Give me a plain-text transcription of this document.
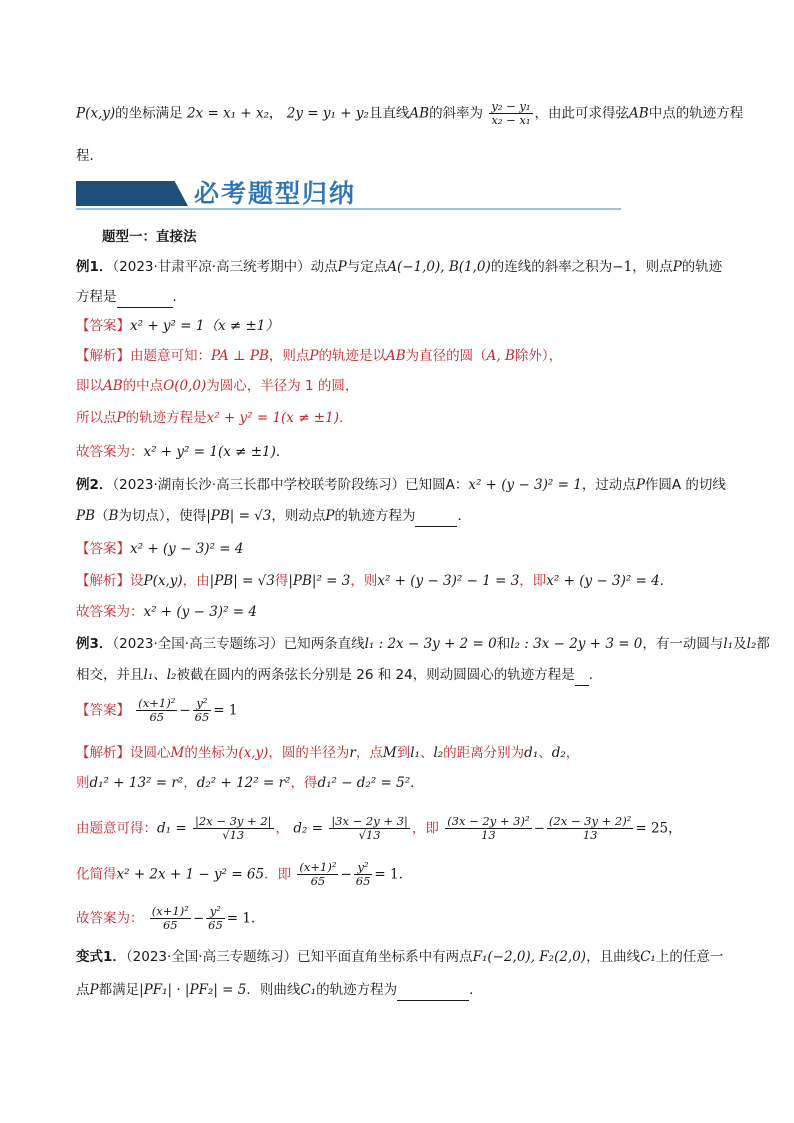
P(x,y)的坐标满足 2x = x₁ + x₂， 2y = y₁ + y₂且直线AB的斜率为 $\frac{\text{y₂ − y₁}}{\text{x₂ − x₁}}$ ，由此可求得弦AB中点的轨迹方程
程．
必考题型归纳
题型一：直接法
例1．（2023·甘肃平凉·高三统考期中）动点P与定点A(−1,0), B(1,0)的连线的斜率之积为−1，则点P的轨迹
方程是	．
【答案】x² + y² = 1（x ≠ ±1）
【解析】由题意可知：PA ⊥ PB，则点P的轨迹是以AB为直径的圆（A, B除外），
即以AB的中点O(0,0)为圆心，半径为 1 的圆，
所以点P的轨迹方程是x² + y² = 1(x ≠ ±1)．
故答案为：x² + y² = 1(x ≠ ±1)．
例2．（2023·湖南长沙·高三长郡中学校联考阶段练习）已知圆A：x² + (y − 3)² = 1，过动点P作圆A 的切线
PB（B为切点），使得|PB| = √3，则动点P的轨迹方程为	．
【答案】x² + (y − 3)² = 4
【解析】设P(x,y)，由|PB| = √3得|PB|² = 3，则x² + (y − 3)² − 1 = 3，即x² + (y − 3)² = 4．
故答案为：x² + (y − 3)² = 4
例3．（2023·全国·高三专题练习）已知两条直线l₁ : 2x − 3y + 2 = 0和l₂ : 3x − 2y + 3 = 0，有一动圆与l₁及l₂都
相交，并且l₁、l₂被截在圆内的两条弦长分别是 26 和 24，则动圆圆心的轨迹方程是 ．
【答案】 $\frac{\text{(x+1)²}}{65} - \frac{\text{y²}}{65} = 1$
【解析】设圆心M的坐标为(x,y)，圆的半径为r，点M到l₁、l₂的距离分别为d₁、d₂，
则d₁² + 13² = r²，d₂² + 12² = r²，得d₁² − d₂² = 5²．
由题意可得：$d_1 = \frac{|2x - 3y + 2|}{√13}$ ， $d_2 = \frac{|3x - 2y + 3|}{√13}$ ，即 $\frac{\text{(3x − 2y + 3)²}}{13} - \frac{\text{(2x − 3y + 2)²}}{13} = 25$，
化简得x² + 2x + 1 − y² = 65．即 $\frac{\text{(x+1)²}}{65} - \frac{\text{y²}}{65} = 1$．
故答案为： $\frac{\text{(x+1)²}}{65} - \frac{\text{y²}}{65} = 1$．
变式1．（2023·全国·高三专题练习）已知平面直角坐标系中有两点F₁(−2,0), F₂(2,0)，且曲线C₁上的任意一
点P都满足|PF₁| · |PF₂| = 5．则曲线C₁的轨迹方程为	．
